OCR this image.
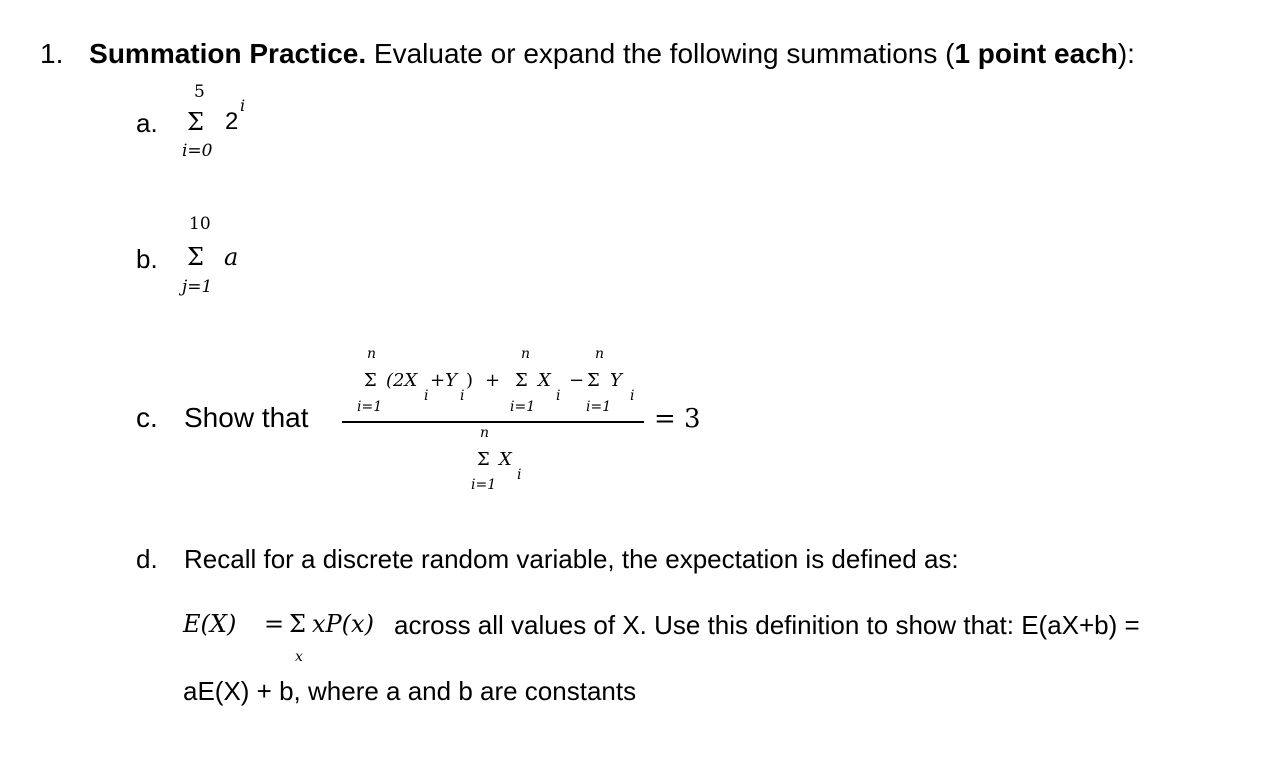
1. Summation Practice. Evaluate or expand the following summations (1 point each):
a.
5
Σ
i=0
2
i
b.
10
Σ
j=1
a
c. Show that
n
Σ
i=1
(2X
i
+Y
i
) +
n
Σ
i=1
X
i
−
n
Σ
i=1
Y
i
n
Σ
i=1
X
i
= 3
d. Recall for a discrete random variable, the expectation is defined as:
E(X) = Σ
x
xP(x) across all values of X. Use this definition to show that: E(aX+b) =
aE(X) + b, where a and b are constants
